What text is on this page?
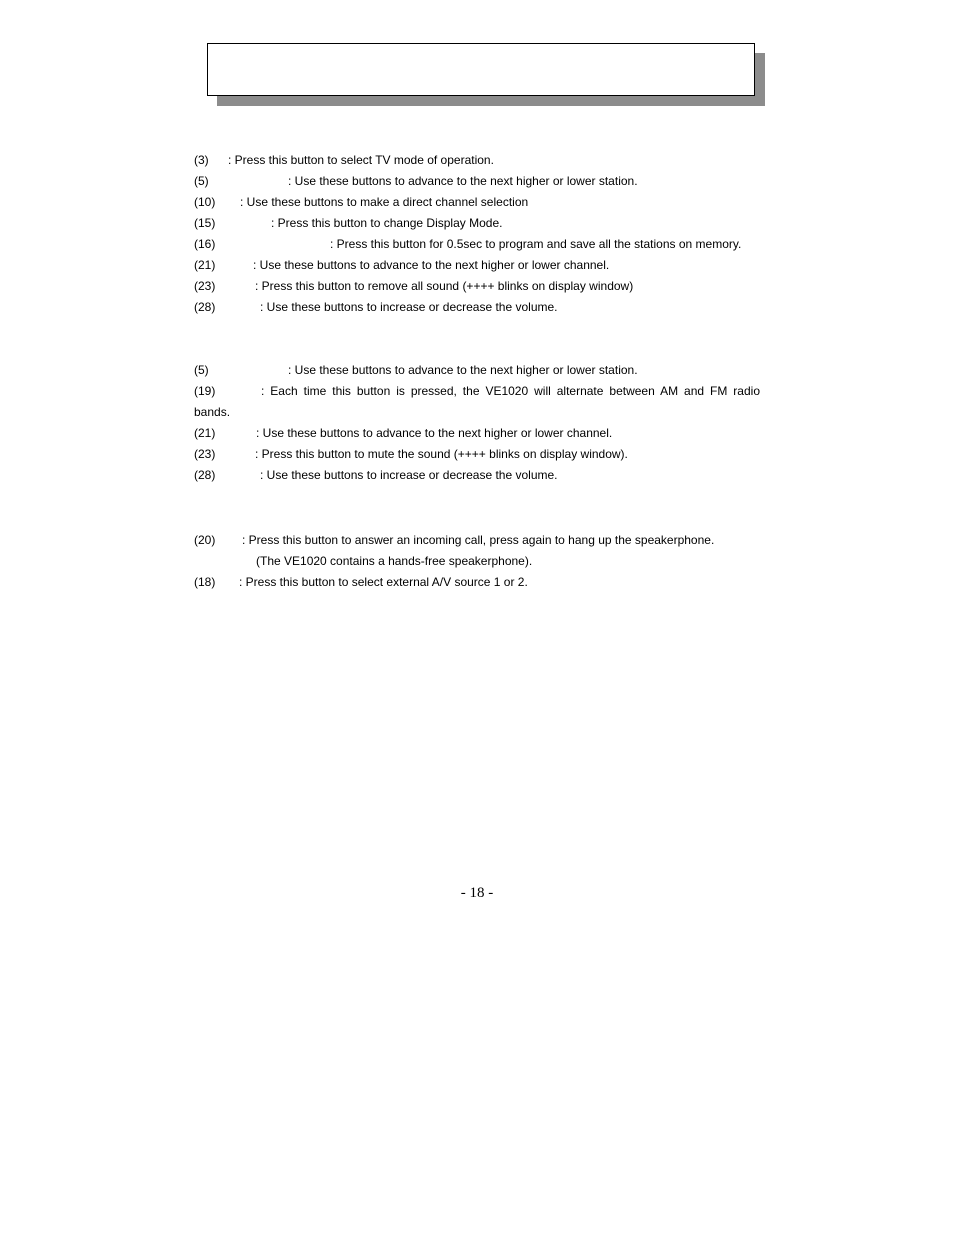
(3)	: Press this button to select TV mode of operation.
(5)	: Use these buttons to advance to the next higher or lower station.
(10)	: Use these buttons to make a direct channel selection
(15)	: Press this button to change Display Mode.
(16)	: Press this button for 0.5sec to program and save all the stations on memory.
(21)	: Use these buttons to advance to the next higher or lower channel.
(23)	: Press this button to remove all sound (++++ blinks on display window)
(28)	: Use these buttons to increase or decrease the volume.
(5)	: Use these buttons to advance to the next higher or lower station.
(19)	: Each time this button is pressed, the VE1020 will alternate between AM and FM radio
bands.
(21)	: Use these buttons to advance to the next higher or lower channel.
(23)	: Press this button to mute the sound (++++ blinks on display window).
(28)	: Use these buttons to increase or decrease the volume.
(20)	: Press this button to answer an incoming call, press again to hang up the speakerphone.
(The VE1020 contains a hands-free speakerphone).
(18)	: Press this button to select external A/V source 1 or 2.
- 18 -
